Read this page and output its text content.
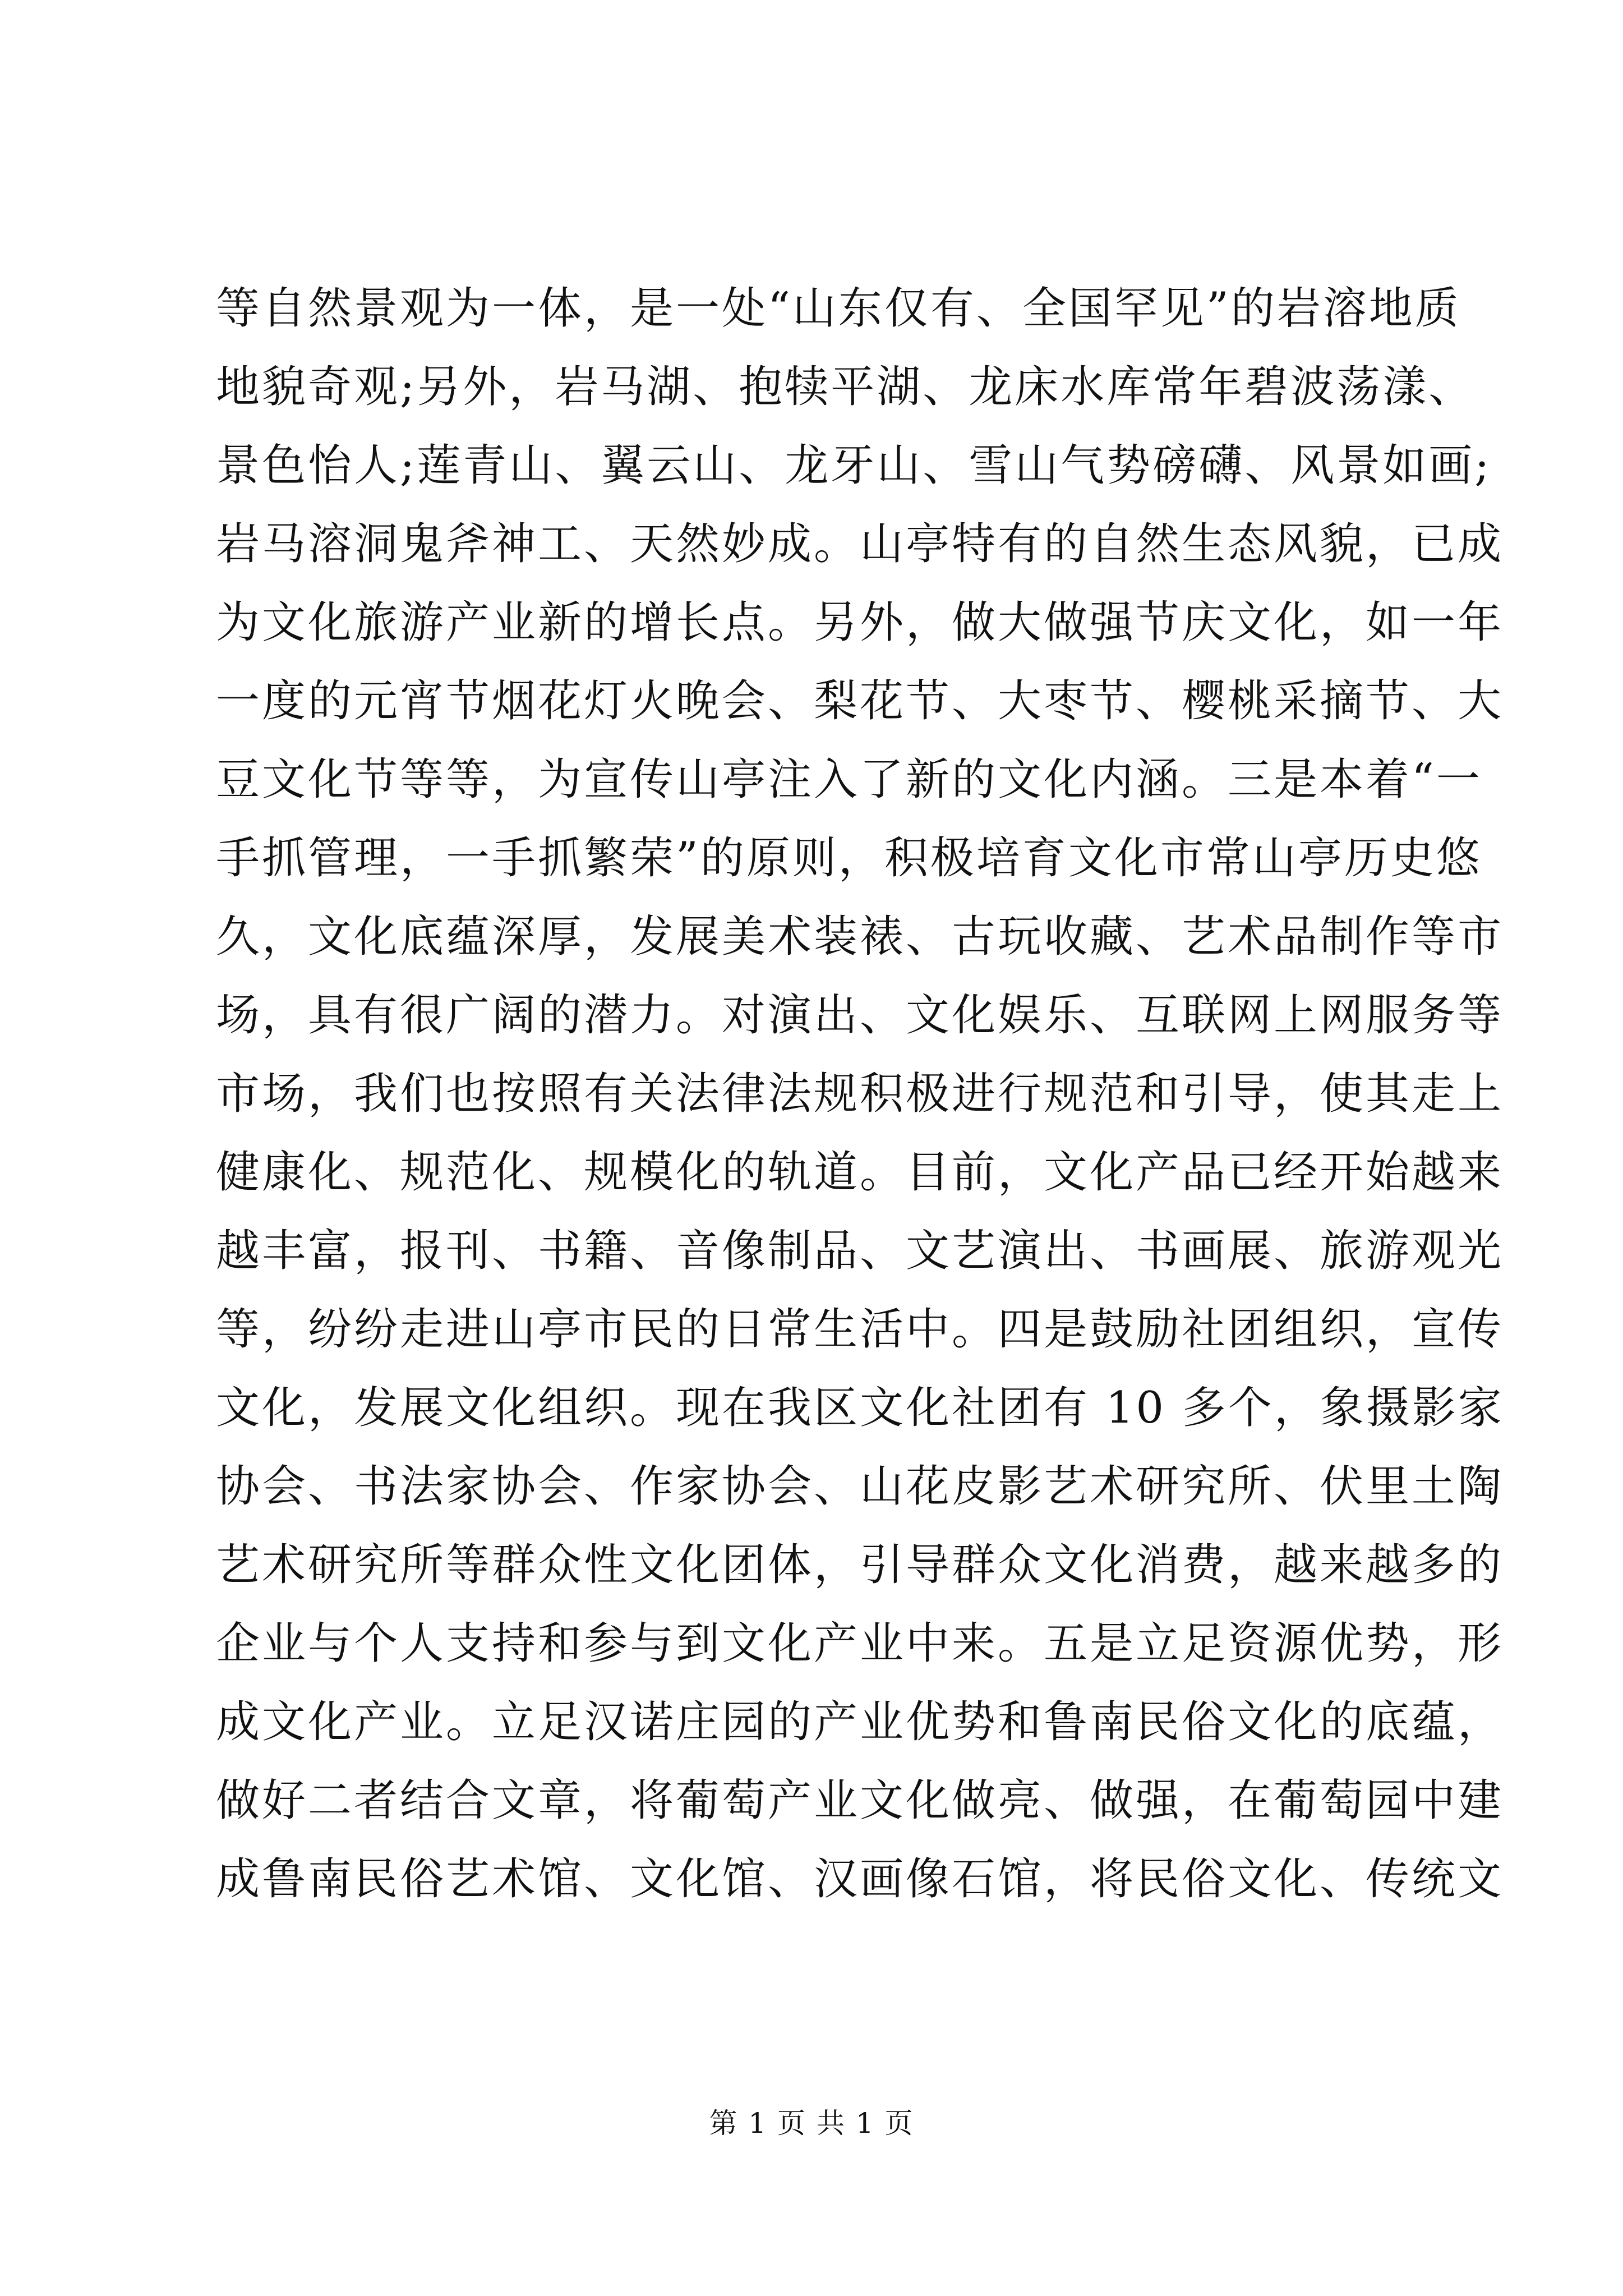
等自然景观为一体，是一处“山东仅有、全国罕见”的岩溶地质
地貌奇观;另外，岩马湖、抱犊平湖、龙床水库常年碧波荡漾、
景色怡人;莲青山、翼云山、龙牙山、雪山气势磅礴、风景如画;
岩马溶洞鬼斧神工、天然妙成。山亭特有的自然生态风貌，已成
为文化旅游产业新的增长点。另外，做大做强节庆文化，如一年
一度的元宵节烟花灯火晚会、梨花节、大枣节、樱桃采摘节、大
豆文化节等等，为宣传山亭注入了新的文化内涵。三是本着“一
手抓管理，一手抓繁荣”的原则，积极培育文化市常山亭历史悠
久，文化底蕴深厚，发展美术装裱、古玩收藏、艺术品制作等市
场，具有很广阔的潜力。对演出、文化娱乐、互联网上网服务等
市场，我们也按照有关法律法规积极进行规范和引导，使其走上
健康化、规范化、规模化的轨道。目前，文化产品已经开始越来
越丰富，报刊、书籍、音像制品、文艺演出、书画展、旅游观光
等，纷纷走进山亭市民的日常生活中。四是鼓励社团组织，宣传
文化，发展文化组织。现在我区文化社团有 10 多个，象摄影家
协会、书法家协会、作家协会、山花皮影艺术研究所、伏里土陶
艺术研究所等群众性文化团体，引导群众文化消费，越来越多的
企业与个人支持和参与到文化产业中来。五是立足资源优势，形
成文化产业。立足汉诺庄园的产业优势和鲁南民俗文化的底蕴，
做好二者结合文章，将葡萄产业文化做亮、做强，在葡萄园中建
成鲁南民俗艺术馆、文化馆、汉画像石馆，将民俗文化、传统文
第 1 页 共 1 页
